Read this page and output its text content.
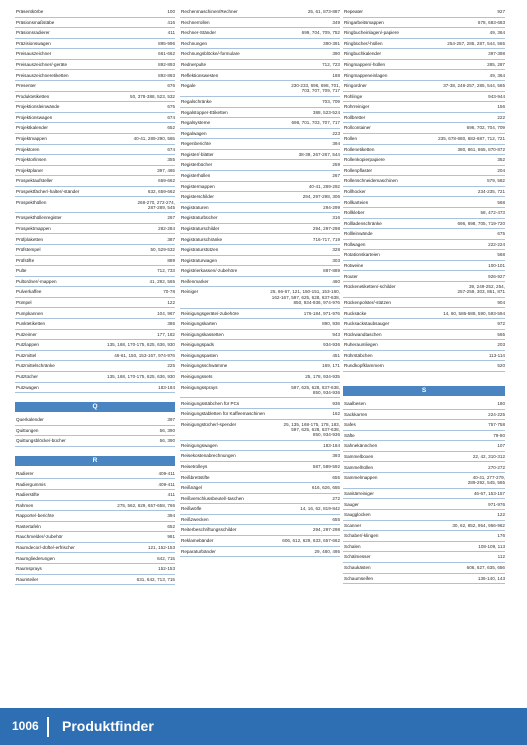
Präsentkörbe	100
Präsionsmaßstäbe	416
Präsionsradierer	411
Präzisionswagen	895-996
Preisauszeichner	661-662
Preisauszeichner/-geräte	892-893
Preisauszeichneretiketten	892-893
Presenter	676
Produktetiketten	50, 378-388, 523, 532
Projektionsleinwände	675
Projektionswagen	674
Projektkalender	652
Projektmappen	40-41, 289-290, 565
Projektoren	674
Projektorlinsen	355
Projektplaner	397, 465
Prospektaufsteller	659-662
Prospektfächer/-halter/-ständer	632, 659-662
Prospekthüllen	268-270, 272-274,
287-289, 545
Prospekthüllenregister	267
Prospektmappen	282-284
Prüfplaketten	387
Prüfstempel	50, 529-532
Prüfstifte	889
Pulte	712, 733
Pultordner/-mappen	41, 292, 565
Pulverkaffee	70-78
Pümpel	122
Pumpkannen	104, 967
Punktetiketten	386
Putzeimer	177, 182
Putzlappen	135, 168, 170-175, 625, 636, 930
Putzmittel	46-61, 150, 153-167, 974-976
Putzmittelschränke	225
Putztücher	135, 168, 170-175, 625, 636, 930
Putzwagen	183-184
Q
Querkalender	397
Quittungen	56, 390
Quittungsblöcke/-bücher	56, 390
R
Radierer	409-411
Radiergummis	409-411
Radierstifte	411
Rahmen	275, 562, 629, 657-658, 766
Rapporte/-berichte	394
Rastertafeln	652
Rauchmelder/-zubehör	981
Raumdecor/-düfte/-erfrischer	121, 152-153
Raumgliederungen	642, 715
Raumsprays	152-153
Raumteiler	631, 642, 713, 715
Rechenmaschinen/Rechner	25, 61, 873-887
Rechnerrollen	349
Rechner-Ständer	699, 704, 709, 752
Rechnungen	390-391
Rechnungsblöcke/-formulare	390
Rednerpulte	712, 723
Reflektionswesten	188
Regale	230-233, 696, 698, 701,
703, 707, 709, 717
Regalschränke	703, 709
Regalstopper-Etiketten	388, 523-524
Regalsysteme	698, 701, 703, 707, 717
Regalwagen	223
Regenberichte	394
Register/-blätter	38-39, 267-267, 544
Registerbücher	259
Registerhüllen	267
Registermappen	40-41, 289-292
Registerschilder	294, 297-298, 306
Registraturen	294-299
Registraturbücher	316
Registraturschilder	294, 297-298
Registraturschränke	716-717, 719
Registraturstützen	328
Registraturwagen	303
Registrierkassen/-zubehöre	887-889
Reifenmarker	460
Reiniger	25, 66-67, 121, 150-151, 153-160,
162-167, 597, 625, 628, 637-638,
850, 934-936, 974-976
Reinigungsgeräte/-zubehöre	176-184, 971-976
Reinigungskarten	890, 936
Reinigungskassetten	943
Reinigungspads	934-936
Reinigungspasten	451
Reinigungsschwämme	169, 171
Reinigungssets	25, 178, 934-935
Reinigungssprays	597, 625, 628, 637-638,
850, 934-936
Reinigungsstäbchen für PCs	936
Reinigungstabletten für Kaffeemaschinen	162
Reinigungstücher/-spender	25, 135, 168-175, 178, 183,
597, 625, 628, 637-638,
850, 934-936
Reinigungswagen	183-184
Reisekostenabrechnungen	393
Reisetrolleys	587, 589-592
Reißbrettstifte	655
Reißnägel	616, 626, 655
Reißverschlussbeutel/-taschen	272
Reißwölfe	14, 16, 62, 819-842
Reißzwecken	655
Reiterbeschriftungsschilder	294, 297-298
Reklamebänder	606, 612, 629, 633, 657-662
Reparaturbänder	29, 480, 495
Repeater	927
Ringarbeitsmappen	678, 683-683
Ringbucheinlagen/-papiere	49, 364
Ringbücher/-hüllen	254-257, 285, 287, 544, 565
Ringbuchkalender	397-398
Ringmappen/-hüllen	285, 287
Ringmappeneinlagen	49, 364
Ringordner	37-38, 248-257, 285, 544, 565
Rohlinge	943-944
Rohrreiniger	156
Rollbretter	222
Rollcontainer	696, 702, 704, 709
Rollen	235, 678-680, 682-687, 712, 721
Rollenetiketten	380, 861, 865, 870-872
Rollenkopierpapiere	352
Rollenpflaster	204
Rollenschneidemaschinen	579, 582
Rollhocker	234-235, 721
Rollkarteien	568
Rollkleber	58, 472-473
Rollladenschränke	696, 698, 705, 719-720
Rollleinwände	675
Rollwagen	222-224
Rotationskarteien	568
Rotweine	100-101
Router	926-927
Rückenetiketten/-schilder	39, 249-252, 254,
257-259, 303, 861, 871
Rückenpolster/-stützen	904
Rucksäcke	14, 60, 586-588, 590, 593-594
Rucksackstaubsauger	972
Rückwandtaschen	565
Ruheraumliegen	203
Rührstäbchen	113-114
Rundkopfklammern	520
S
Saalbesen	180
Sackkarren	224-225
Safes	757-758
Säfte	79-80
Sahnekännchen	107
Sammelboxen	22, 42, 310-312
Sammelhüllen	270-272
Sammelmappen	40-41, 277-279,
289-292, 545, 565
Sanitärreiniger	46-67, 153-157
Sauger	971-976
Saugglocken	122
Scanner	30, 62, 852, 954, 956-962
Schaber/-klingen	176
Schalen	108-109, 113
Schälmesser	112
Schaukästen	606, 627, 635, 656
Schaumseifen	136-140, 143
1006 Produktfinder
